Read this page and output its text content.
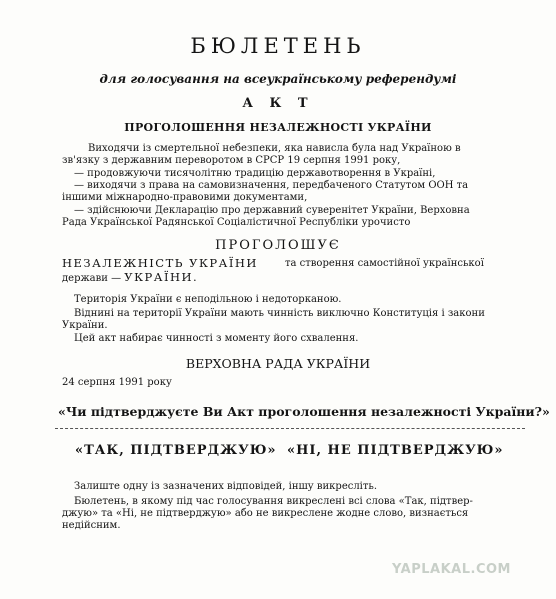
БЮЛЕТЕНЬ
для голосування на всеукраїнському референдумі
А К Т
ПРОГОЛОШЕННЯ НЕЗАЛЕЖНОСТІ УКРАЇНИ
Виходячи із смертельної небезпеки, яка нависла була над Україною в
зв'язку з державним переворотом в СРСР 19 серпня 1991 року,
— продовжуючи тисячолітню традицію державотворення в Україні,
— виходячи з права на самовизначення, передбаченого Статутом ООН та
іншими міжнародно-правовими документами,
— здійснюючи Декларацію про державний суверенітет України, Верховна
Рада Української Радянської Соціалістичної Республіки урочисто
ПРОГОЛОШУЄ
НЕЗАЛЕЖНІСТЬ УКРАЇНИ	та створення самостійної української
держави — УКРАЇНИ.
Територія України є неподільною і недоторканою.
Віднині на території України мають чинність виключно Конституція і закони
України.
Цей акт набирає чинності з моменту його схвалення.
ВЕРХОВНА РАДА УКРАЇНИ
24 серпня 1991 року
«Чи підтверджуєте Ви Акт проголошення незалежності України?»
«ТАК, ПІДТВЕРДЖУЮ» «НІ, НЕ ПІДТВЕРДЖУЮ»
Залиште одну із зазначених відповідей, іншу викресліть.
Бюлетень, в якому під час голосування викреслені всі слова «Так, підтвер-
джую» та «Ні, не підтверджую» або не викреслене жодне слово, визнається
недійсним.
YAPLAKAL.COM
